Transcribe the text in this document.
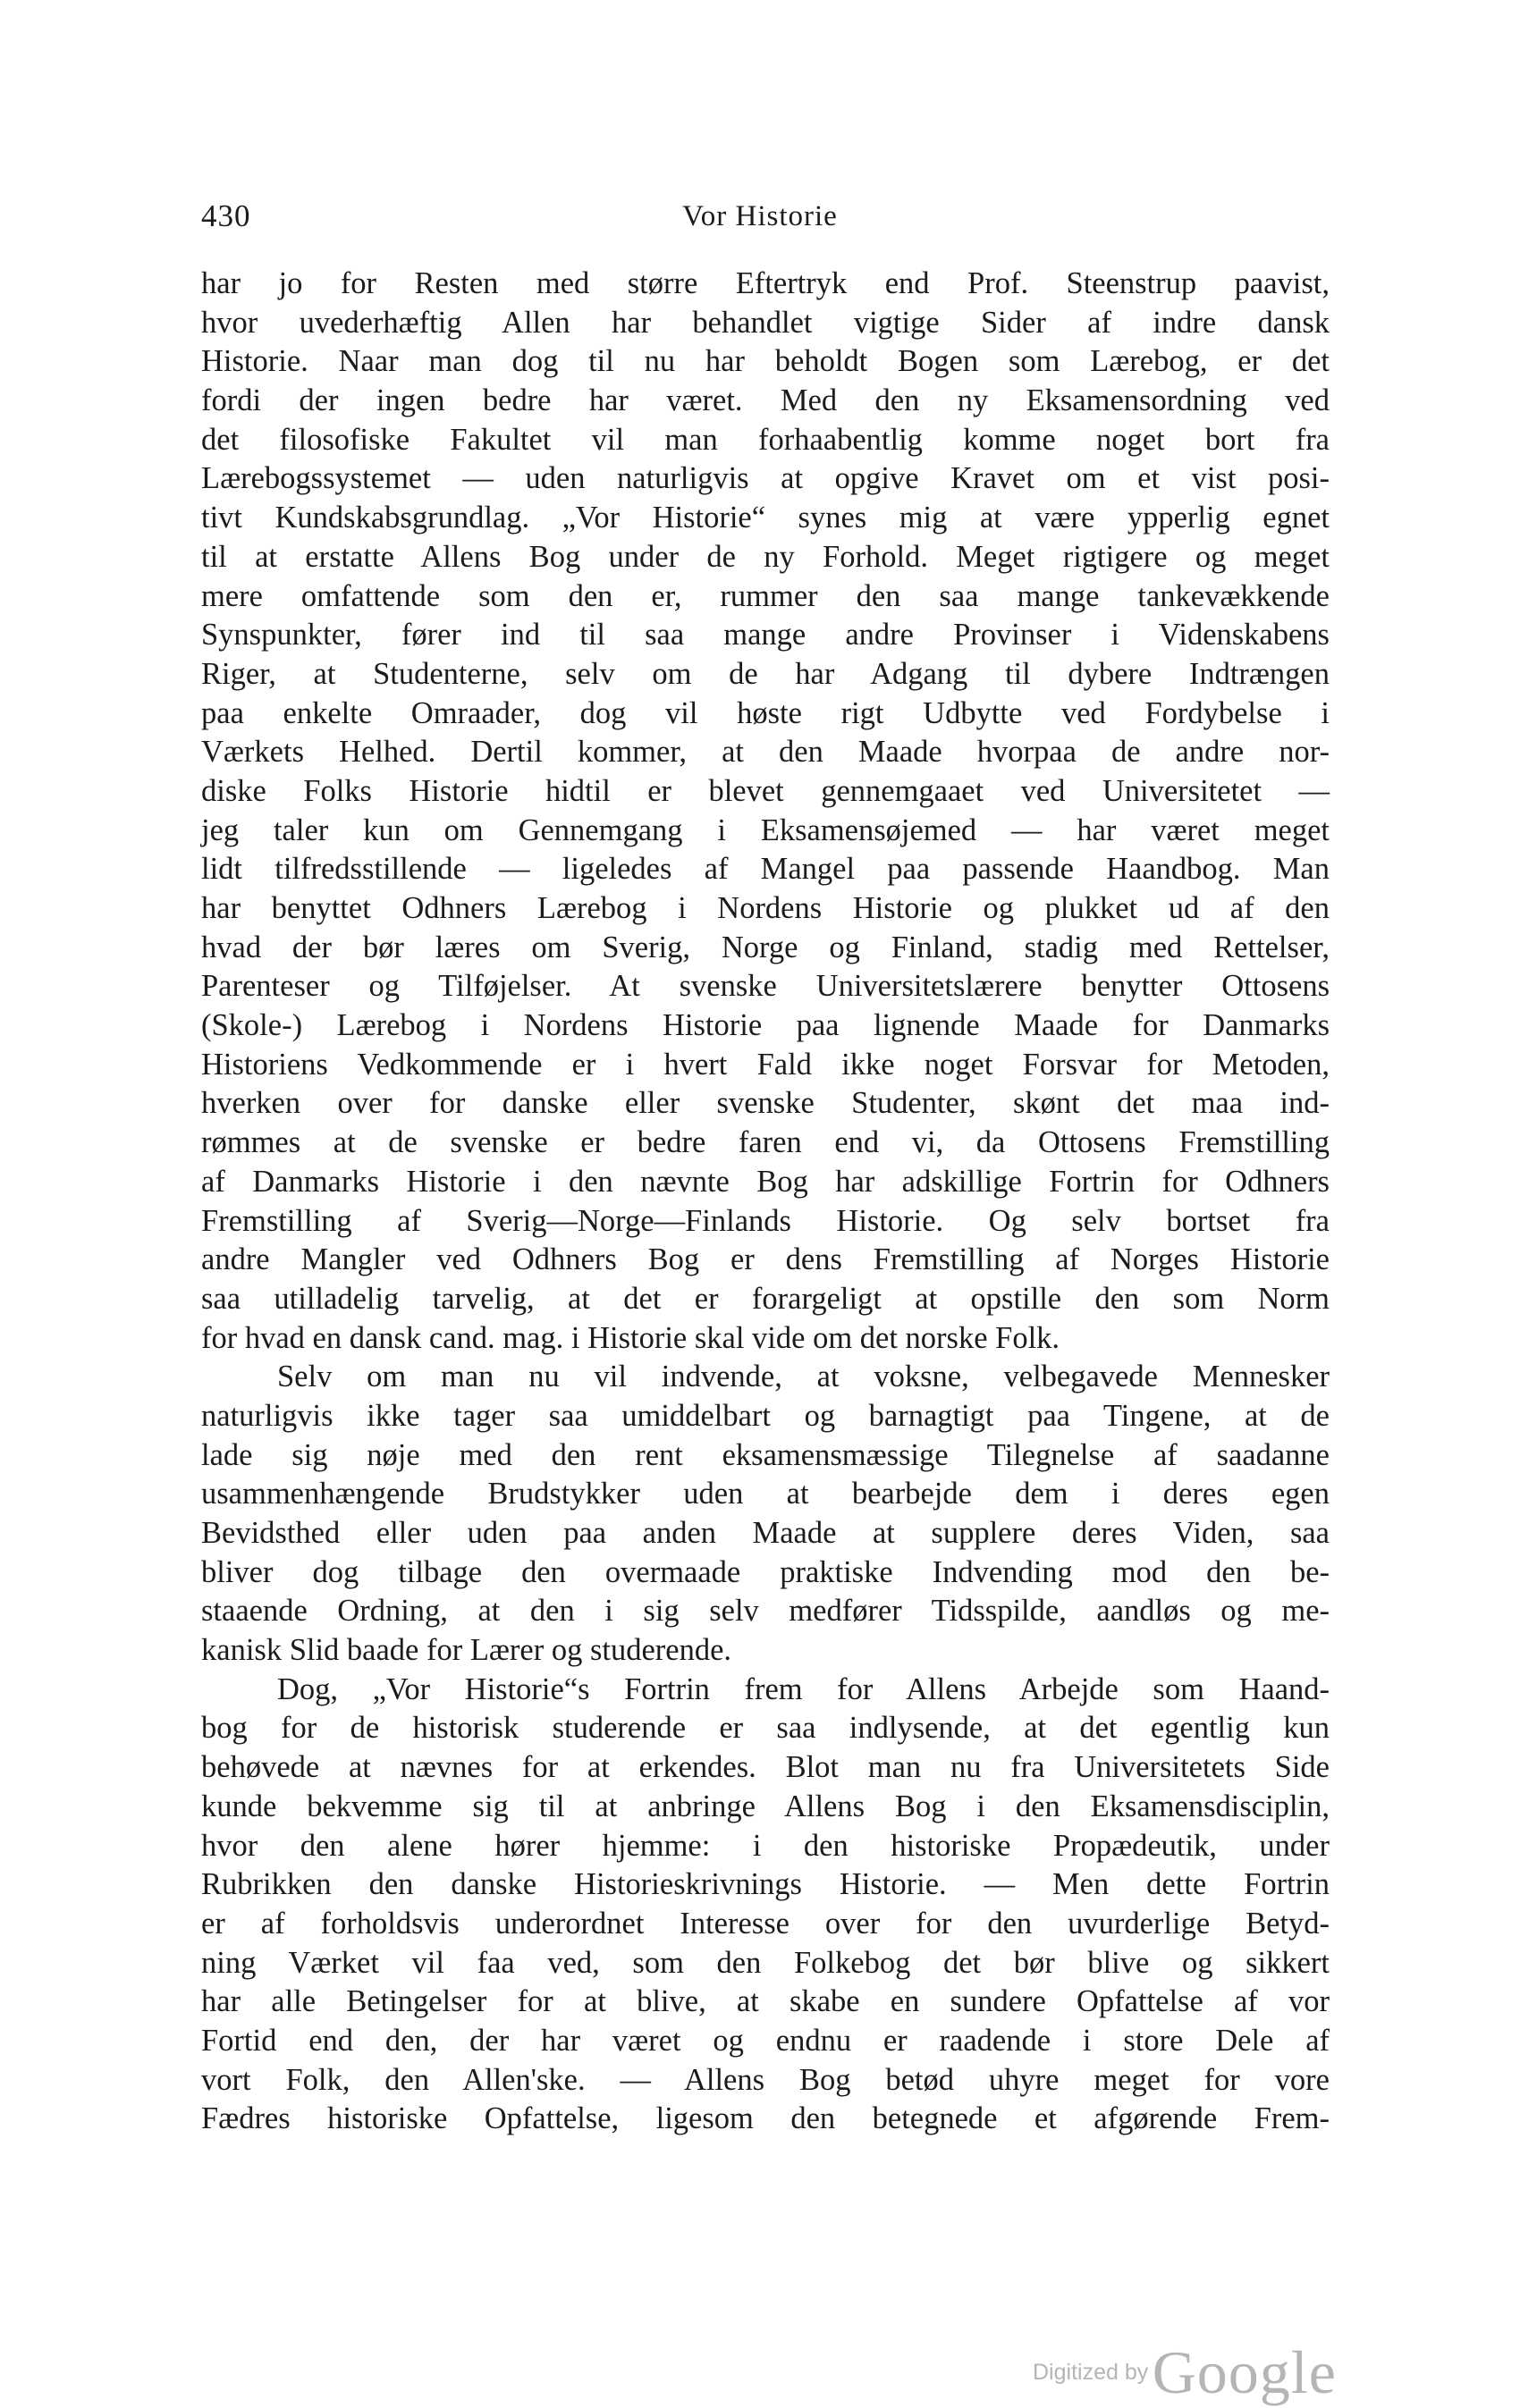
430	Vor Historie
har jo for Resten med større Eftertryk end Prof. Steenstrup paavist,
hvor uvederhæftig Allen har behandlet vigtige Sider af indre dansk
Historie. Naar man dog til nu har beholdt Bogen som Lærebog, er det
fordi der ingen bedre har været. Med den ny Eksamensordning ved
det filosofiske Fakultet vil man forhaabentlig komme noget bort fra
Lærebogssystemet — uden naturligvis at opgive Kravet om et vist posi-
tivt Kundskabsgrundlag. „Vor Historie“ synes mig at være ypperlig egnet
til at erstatte Allens Bog under de ny Forhold. Meget rigtigere og meget
mere omfattende som den er, rummer den saa mange tankevækkende
Synspunkter, fører ind til saa mange andre Provinser i Videnskabens
Riger, at Studenterne, selv om de har Adgang til dybere Indtrængen
paa enkelte Omraader, dog vil høste rigt Udbytte ved Fordybelse i
Værkets Helhed. Dertil kommer, at den Maade hvorpaa de andre nor-
diske Folks Historie hidtil er blevet gennemgaaet ved Universitetet —
jeg taler kun om Gennemgang i Eksamensøjemed — har været meget
lidt tilfredsstillende — ligeledes af Mangel paa passende Haandbog. Man
har benyttet Odhners Lærebog i Nordens Historie og plukket ud af den
hvad der bør læres om Sverig, Norge og Finland, stadig med Rettelser,
Parenteser og Tilføjelser. At svenske Universitetslærere benytter Ottosens
(Skole-) Lærebog i Nordens Historie paa lignende Maade for Danmarks
Historiens Vedkommende er i hvert Fald ikke noget Forsvar for Metoden,
hverken over for danske eller svenske Studenter, skønt det maa ind-
rømmes at de svenske er bedre faren end vi, da Ottosens Fremstilling
af Danmarks Historie i den nævnte Bog har adskillige Fortrin for Odhners
Fremstilling af Sverig—Norge—Finlands Historie. Og selv bortset fra
andre Mangler ved Odhners Bog er dens Fremstilling af Norges Historie
saa utilladelig tarvelig, at det er forargeligt at opstille den som Norm
for hvad en dansk cand. mag. i Historie skal vide om det norske Folk.
Selv om man nu vil indvende, at voksne, velbegavede Mennesker
naturligvis ikke tager saa umiddelbart og barnagtigt paa Tingene, at de
lade sig nøje med den rent eksamensmæssige Tilegnelse af saadanne
usammenhængende Brudstykker uden at bearbejde dem i deres egen
Bevidsthed eller uden paa anden Maade at supplere deres Viden, saa
bliver dog tilbage den overmaade praktiske Indvending mod den be-
staaende Ordning, at den i sig selv medfører Tidsspilde, aandløs og me-
kanisk Slid baade for Lærer og studerende.
Dog, „Vor Historie“s Fortrin frem for Allens Arbejde som Haand-
bog for de historisk studerende er saa indlysende, at det egentlig kun
behøvede at nævnes for at erkendes. Blot man nu fra Universitetets Side
kunde bekvemme sig til at anbringe Allens Bog i den Eksamensdisciplin,
hvor den alene hører hjemme: i den historiske Propædeutik, under
Rubrikken den danske Historieskrivnings Historie. — Men dette Fortrin
er af forholdsvis underordnet Interesse over for den uvurderlige Betyd-
ning Værket vil faa ved, som den Folkebog det bør blive og sikkert
har alle Betingelser for at blive, at skabe en sundere Opfattelse af vor
Fortid end den, der har været og endnu er raadende i store Dele af
vort Folk, den Allen'ske. — Allens Bog betød uhyre meget for vore
Fædres historiske Opfattelse, ligesom den betegnede et afgørende Frem-
Digitized by Google
